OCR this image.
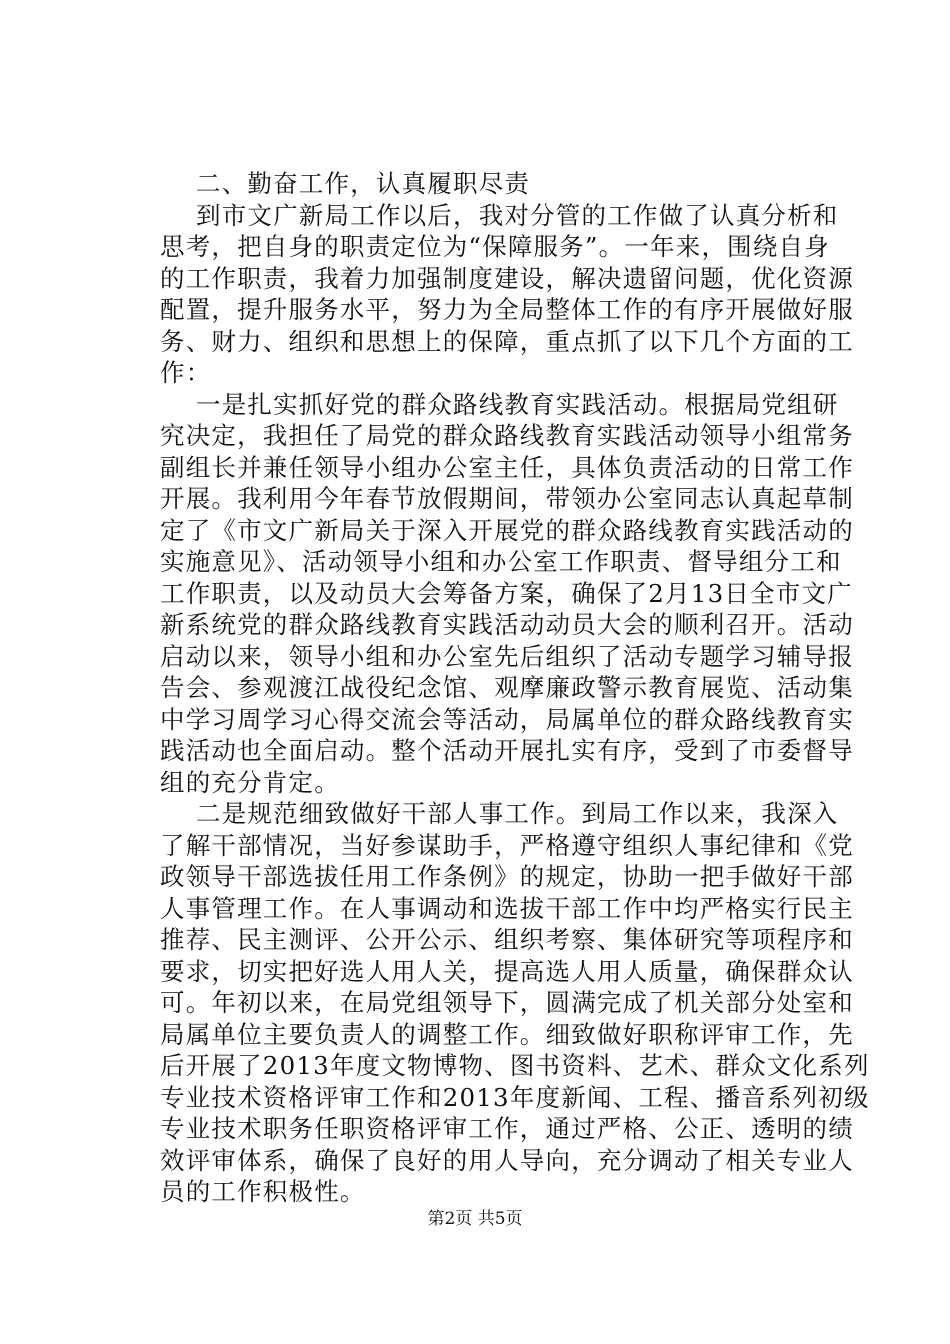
二、勤奋工作，认真履职尽责
到市文广新局工作以后，我对分管的工作做了认真分析和
思考，把自身的职责定位为“保障服务”。一年来，围绕自身
的工作职责，我着力加强制度建设，解决遗留问题，优化资源
配置，提升服务水平，努力为全局整体工作的有序开展做好服
务、财力、组织和思想上的保障，重点抓了以下几个方面的工
作：
一是扎实抓好党的群众路线教育实践活动。根据局党组研
究决定，我担任了局党的群众路线教育实践活动领导小组常务
副组长并兼任领导小组办公室主任，具体负责活动的日常工作
开展。我利用今年春节放假期间，带领办公室同志认真起草制
定了《市文广新局关于深入开展党的群众路线教育实践活动的
实施意见》、活动领导小组和办公室工作职责、督导组分工和
工作职责，以及动员大会筹备方案，确保了2月13日全市文广
新系统党的群众路线教育实践活动动员大会的顺利召开。活动
启动以来，领导小组和办公室先后组织了活动专题学习辅导报
告会、参观渡江战役纪念馆、观摩廉政警示教育展览、活动集
中学习周学习心得交流会等活动，局属单位的群众路线教育实
践活动也全面启动。整个活动开展扎实有序，受到了市委督导
组的充分肯定。
二是规范细致做好干部人事工作。到局工作以来，我深入
了解干部情况，当好参谋助手，严格遵守组织人事纪律和《党
政领导干部选拔任用工作条例》的规定，协助一把手做好干部
人事管理工作。在人事调动和选拔干部工作中均严格实行民主
推荐、民主测评、公开公示、组织考察、集体研究等项程序和
要求，切实把好选人用人关，提高选人用人质量，确保群众认
可。年初以来，在局党组领导下，圆满完成了机关部分处室和
局属单位主要负责人的调整工作。细致做好职称评审工作，先
后开展了2013年度文物博物、图书资料、艺术、群众文化系列
专业技术资格评审工作和2013年度新闻、工程、播音系列初级
专业技术职务任职资格评审工作，通过严格、公正、透明的绩
效评审体系，确保了良好的用人导向，充分调动了相关专业人
员的工作积极性。
第2页 共5页
